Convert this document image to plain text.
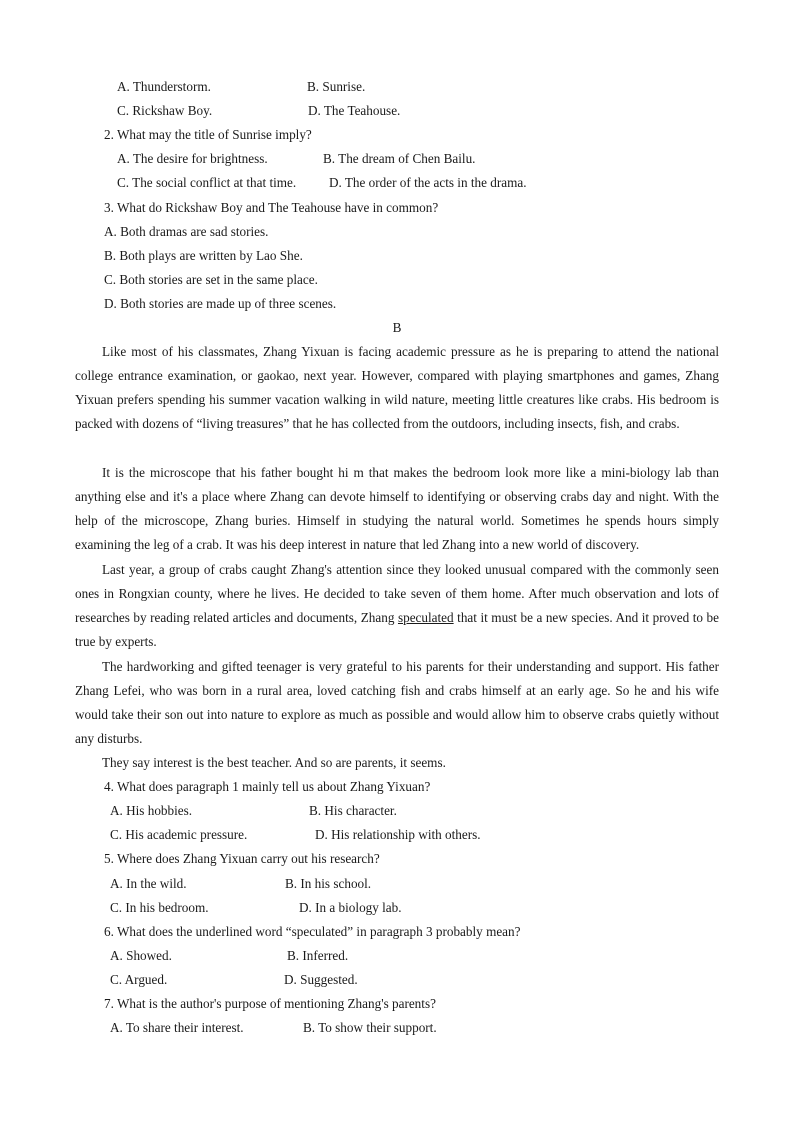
A. Thunderstorm.	B. Sunrise.
C. Rickshaw Boy.	D. The Teahouse.
2. What may the title of Sunrise imply?
A. The desire for brightness.	B. The dream of Chen Bailu.
C. The social conflict at that time. D. The order of the acts in the drama.
3. What do Rickshaw Boy and The Teahouse have in common?
A. Both dramas are sad stories.
B. Both plays are written by Lao She.
C. Both stories are set in the same place.
D. Both stories are made up of three scenes.
B
Like most of his classmates, Zhang Yixuan is facing academic pressure as he is preparing to attend the national college entrance examination, or gaokao, next year. However, compared with playing smartphones and games, Zhang Yixuan prefers spending his summer vacation walking in wild nature, meeting little creatures like crabs. His bedroom is packed with dozens of “living treasures” that he has collected from the outdoors, including insects, fish, and crabs.
It is the microscope that his father bought hi m that makes the bedroom look more like a mini-biology lab than anything else and it's a place where Zhang can devote himself to identifying or observing crabs day and night. With the help of the microscope, Zhang buries. Himself in studying the natural world. Sometimes he spends hours simply examining the leg of a crab. It was his deep interest in nature that led Zhang into a new world of discovery.
Last year, a group of crabs caught Zhang's attention since they looked unusual compared with the commonly seen ones in Rongxian county, where he lives. He decided to take seven of them home. After much observation and lots of researches by reading related articles and documents, Zhang speculated that it must be a new species. And it proved to be true by experts.
The hardworking and gifted teenager is very grateful to his parents for their understanding and support. His father Zhang Lefei, who was born in a rural area, loved catching fish and crabs himself at an early age. So he and his wife would take their son out into nature to explore as much as possible and would allow him to observe crabs quietly without any disturbs.
They say interest is the best teacher. And so are parents, it seems.
4. What does paragraph 1 mainly tell us about Zhang Yixuan?
A. His hobbies.	B. His character.
C. His academic pressure.	D. His relationship with others.
5. Where does Zhang Yixuan carry out his research?
A. In the wild.	B. In his school.
C. In his bedroom.	D. In a biology lab.
6. What does the underlined word “speculated” in paragraph 3 probably mean?
A. Showed.	B. Inferred.
C. Argued.	D. Suggested.
7. What is the author's purpose of mentioning Zhang's parents?
A. To share their interest.	B. To show their support.
